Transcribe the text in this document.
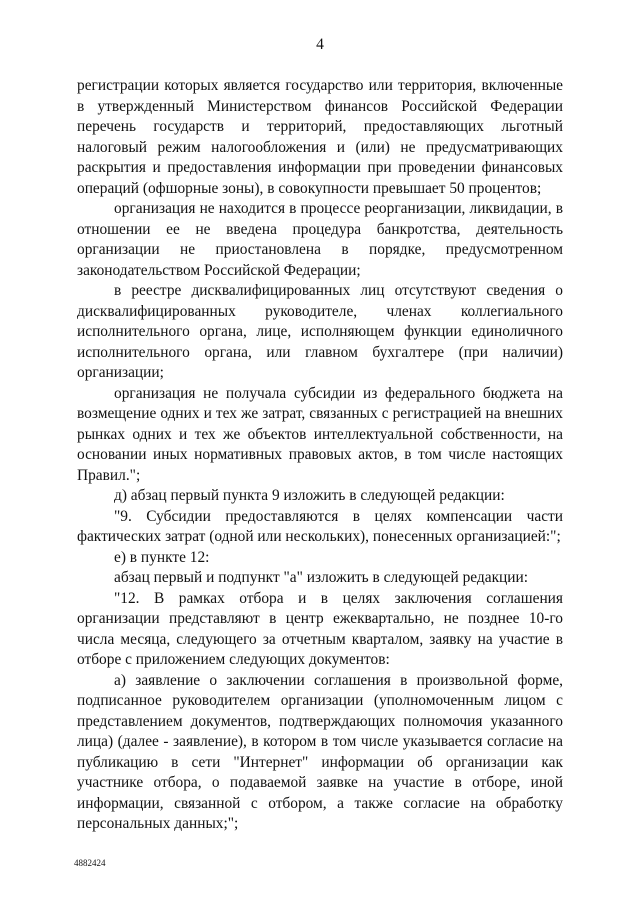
4

регистрации которых является государство или территория, включенные в утвержденный Министерством финансов Российской Федерации перечень государств и территорий, предоставляющих льготный налоговый режим налогообложения и (или) не предусматривающих раскрытия и предоставления информации при проведении финансовых операций (офшорные зоны), в совокупности превышает 50 процентов;

организация не находится в процессе реорганизации, ликвидации, в отношении ее не введена процедура банкротства, деятельность организации не приостановлена в порядке, предусмотренном законодательством Российской Федерации;

в реестре дисквалифицированных лиц отсутствуют сведения о дисквалифицированных руководителе, членах коллегиального исполнительного органа, лице, исполняющем функции единоличного исполнительного органа, или главном бухгалтере (при наличии) организации;

организация не получала субсидии из федерального бюджета на возмещение одних и тех же затрат, связанных с регистрацией на внешних рынках одних и тех же объектов интеллектуальной собственности, на основании иных нормативных правовых актов, в том числе настоящих Правил.";

д) абзац первый пункта 9 изложить в следующей редакции:

"9. Субсидии предоставляются в целях компенсации части фактических затрат (одной или нескольких), понесенных организацией:";

е) в пункте 12:

абзац первый и подпункт "а" изложить в следующей редакции:

"12. В рамках отбора и в целях заключения соглашения организации представляют в центр ежеквартально, не позднее 10-го числа месяца, следующего за отчетным кварталом, заявку на участие в отборе с приложением следующих документов:

а) заявление о заключении соглашения в произвольной форме, подписанное руководителем организации (уполномоченным лицом с представлением документов, подтверждающих полномочия указанного лица) (далее - заявление), в котором в том числе указывается согласие на публикацию в сети "Интернет" информации об организации как участнике отбора, о подаваемой заявке на участие в отборе, иной информации, связанной с отбором, а также согласие на обработку персональных данных;";

4882424
